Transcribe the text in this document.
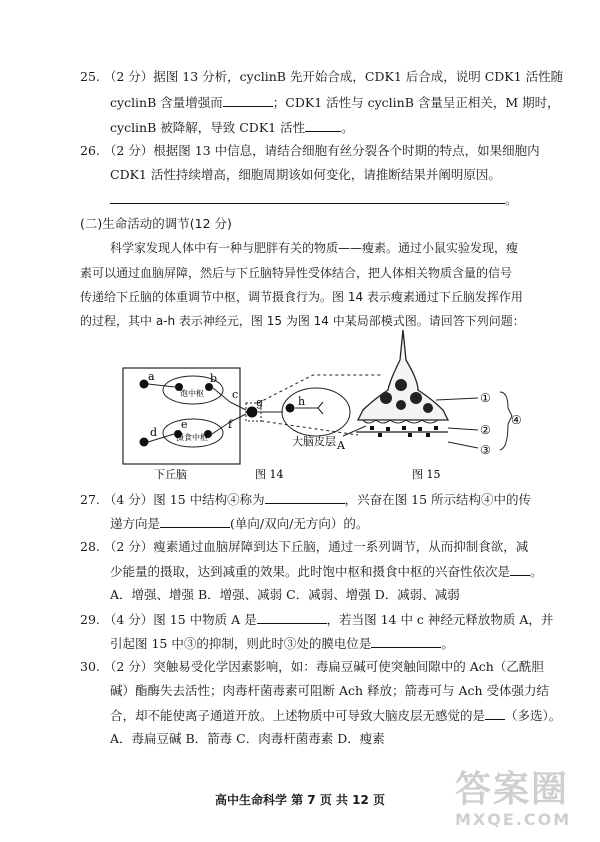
25. （2 分）据图 13 分析，cyclinB 先开始合成，CDK1 后合成，说明 CDK1 活性随
cyclinB 含量增强而	；CDK1 活性与 cyclinB 含量呈正相关，M 期时，
cyclinB 被降解，导致 CDK1 活性	。
26. （2 分）根据图 13 中信息，请结合细胞有丝分裂各个时期的特点，如果细胞内
CDK1 活性持续增高，细胞周期该如何变化，请推断结果并阐明原因。
。
(二)生命活动的调节(12 分)
科学家发现人体中有一种与肥胖有关的物质——瘦素。通过小鼠实验发现，瘦
素可以通过血脑屏障，然后与下丘脑特异性受体结合，把人体相关物质含量的信号
传递给下丘脑的体重调节中枢，调节摄食行为。图 14 表示瘦素通过下丘脑发挥作用
的过程，其中 a-h 表示神经元，图 15 为图 14 中某局部模式图。请回答下列问题：
a	b
c
d
e	f
g	h
饱中枢
摄食中枢
下丘脑
大脑皮层
图 14	图 15
A
①
②
③
④
27. （4 分）图 15 中结构④称为	，兴奋在图 15 所示结构④中的传
递方向是	(单向/双向/无方向）的。
28. （2 分）瘦素通过血脑屏障到达下丘脑，通过一系列调节，从而抑制食欲，减
少能量的摄取，达到减重的效果。此时饱中枢和摄食中枢的兴奋性依次是 。
A．增强、增强 B．增强、减弱 C．减弱、增强 D．减弱、减弱
29. （4 分）图 15 中物质 A 是	，若当图 14 中 c 神经元释放物质 A，并
引起图 15 中③的抑制，则此时③处的膜电位是	。
30. （2 分）突触易受化学因素影响，如：毒扁豆碱可使突触间隙中的 Ach（乙酰胆
碱）酯酶失去活性；肉毒杆菌毒素可阻断 Ach 释放；箭毒可与 Ach 受体强力结
合，却不能使离子通道开放。上述物质中可导致大脑皮层无感觉的是 （多选）。
A．毒扁豆碱 B．箭毒 C．肉毒杆菌毒素 D．瘦素
高中生命科学 第 7 页 共 12 页	答案圈
MXQE.COM
